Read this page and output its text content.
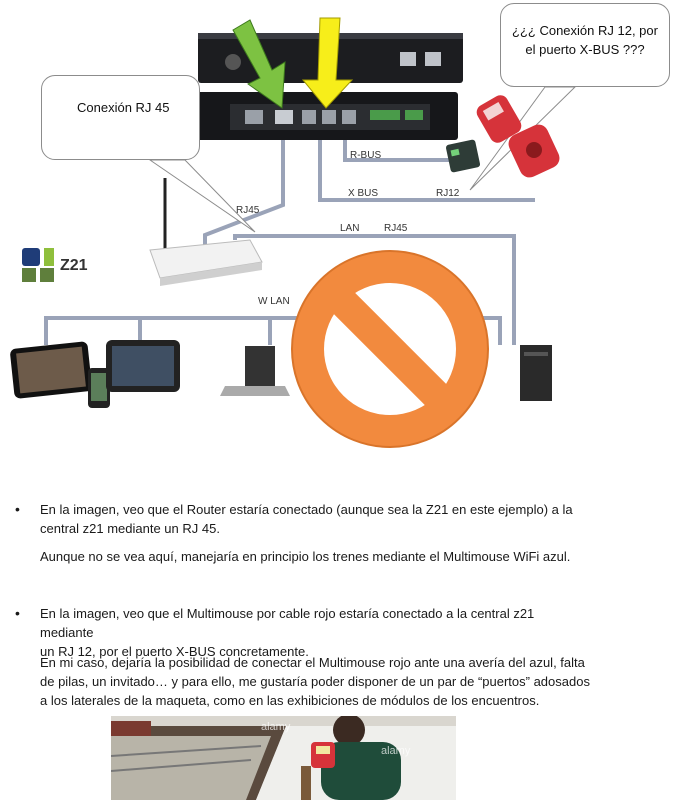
Z21
R-BUS
X BUS	RJ12
RJ45
LAN RJ45
W LAN
Conexión RJ 45
¿¿¿ Conexión RJ 12, por
el puerto X-BUS ???
•	En la imagen, veo que el Router estaría conectado (aunque sea la Z21 en este ejemplo) a la
central z21 mediante un RJ 45.
Aunque no se vea aquí, manejaría en principio los trenes mediante el Multimouse WiFi azul.
•	En la imagen, veo que el Multimouse por cable rojo estaría conectado a la central z21 mediante
un RJ 12, por el puerto X-BUS concretamente.
En mi caso, dejaría la posibilidad de conectar el Multimouse rojo ante una avería del azul, falta
de pilas, un invitado… y para ello, me gustaría poder disponer de un par de “puertos” adosados
a los laterales de la maqueta, como en las exhibiciones de módulos de los encuentros.
alamy
alamy
